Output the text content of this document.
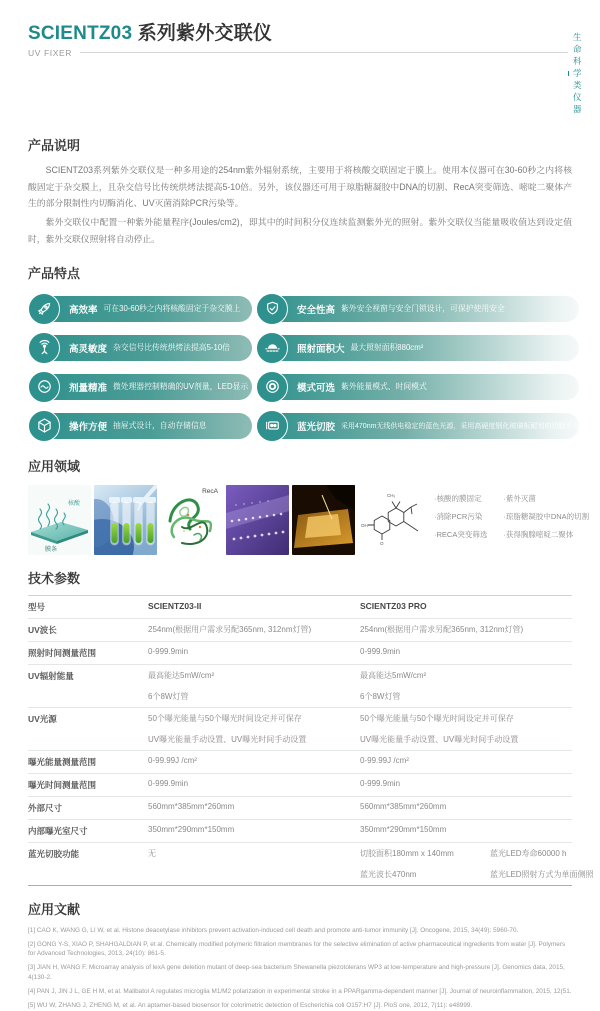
SCIENTZ03 系列紫外交联仪
UV FIXER
生命科学类仪器
产品说明

SCIENTZ03系列紫外交联仪是一种多用途的254nm紫外辐射系统，主要用于将核酸交联固定于膜上。使用本仪器可在30-60秒之内将核酸固定于杂交膜上，且杂交信号比传统烘烤法提高5-10倍。另外，该仪器还可用于琼脂糖凝胶中DNA的切割、RecA突变筛选、嘧啶二聚体产生的部分限制性内切酶消化、UV灭菌消除PCR污染等。

紫外交联仪中配置一种紫外能量程序(Joules/cm2)，即其中的时间积分仪连续监测紫外光的照射。紫外交联仪当能量吸收值达到设定值时，紫外交联仪照射将自动停止。

产品特点
高效率 可在30-60秒之内将核酸固定于杂交膜上	安全性高 紫外安全视窗与安全门锁设计，可保护使用安全
高灵敏度 杂交信号比传统烘烤法提高5-10倍	照射面积大 最大照射面积880cm²
剂量精准 微处理器控制精确的UV剂量，LED显示	模式可选 紫外能量模式、时间模式
操作方便 抽屉式设计，自动存储信息	蓝光切胶 采用470nm无线供电稳定的蓝色光源，采用高硬度钢化玻璃板耐划的切胶平台
应用领域
核酸
膜条
RecA
CH₃
OH
O
·核酸的膜固定
·消除PCR污染
·RECA突变筛选
·紫外灭菌
·琼脂糖凝胶中DNA的切割
·获得胸腺嘧啶二聚体
技术参数
型号	SCIENTZ03-II	SCIENTZ03 PRO
UV波长	254nm(根据用户需求另配365nm, 312nm灯管)	254nm(根据用户需求另配365nm, 312nm灯管)
照射时间测量范围	0-999.9min	0-999.9min
UV辐射能量	最高能达5mW/cm²	最高能达5mW/cm²
6个8W灯管	6个8W灯管
UV光源	50个曝光能量与50个曝光时间设定并可保存	50个曝光能量与50个曝光时间设定并可保存
UV曝光能量手动设置、UV曝光时间手动设置	UV曝光能量手动设置、UV曝光时间手动设置
曝光能量测量范围	0-99.99J /cm²	0-99.99J /cm²
曝光时间测量范围	0-999.9min	0-999.9min
外部尺寸	560mm*385mm*260mm	560mm*385mm*260mm
内部曝光室尺寸	350mm*290mm*150mm	350mm*290mm*150mm
蓝光切胶功能	无	切胶面积180mm x 140mm	蓝光LED寿命60000 h
蓝光波长470nm	蓝光LED照射方式为单面侧照
应用文献
[1] CAO K, WANG G, LI W, et al. Histone deacetylase inhibitors prevent activation-induced cell death and promote anti-tumor immunity [J]. Oncogene, 2015, 34(49): 5960-70.
[2] GONG Y-S, XIAO P, SHAHGALDIAN P, et al. Chemically modified polymeric filtration membranes for the selective elimination of active pharmaceutical ingredients from water [J]. Polymers for Advanced Technologies, 2013, 24(10): 861-5.
[3] JIAN H, WANG F. Microarray analysis of lexA gene deletion mutant of deep-sea bacterium Shewanella piezotolerans WP3 at low-temperature and high-pressure [J]. Genomics data, 2015, 4(130-2.
[4] PAN J, JIN J L, GE H M, et al. Malibatol A regulates microglia M1/M2 polarization in experimental stroke in a PPARgamma-dependent manner [J]. Journal of neuroinflammation, 2015, 12(51.
[5] WU W, ZHANG J, ZHENG M, et al. An aptamer-based biosensor for colorimetric detection of Escherichia coli O157:H7 [J]. PloS one, 2012, 7(11): e48999.
